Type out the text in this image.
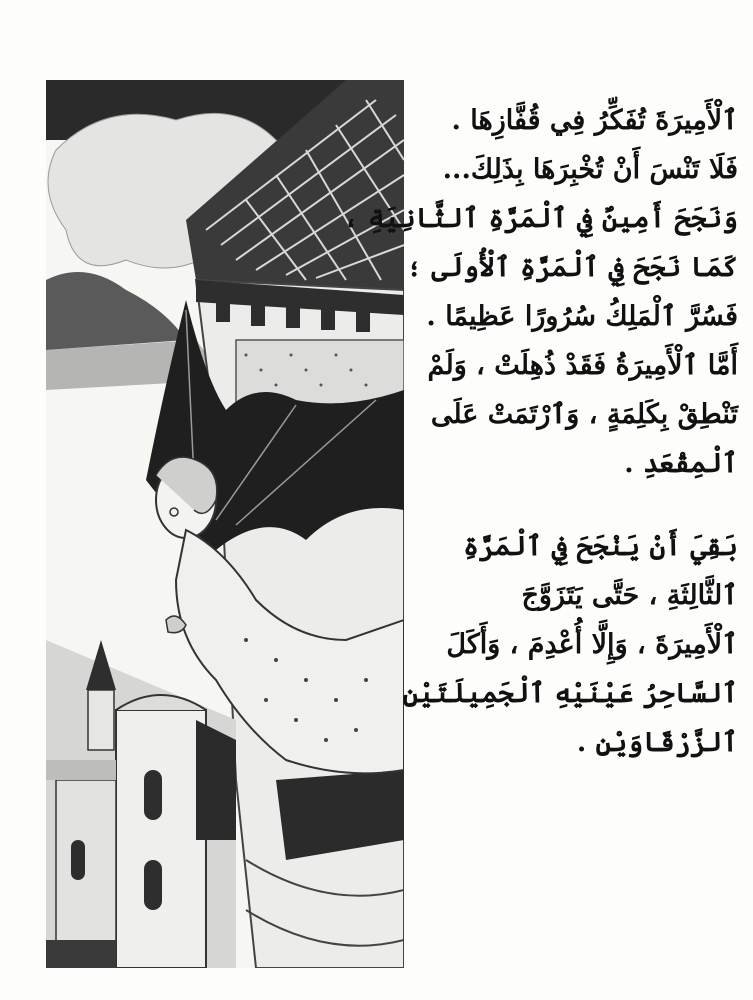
ٱلْأَمِيرَةَ تُفَكِّرُ فِي قُفَّازِهَا .
فَلَا تَنْسَ أَنْ تُخْبِرَهَا بِذَلِكَ...
وَنَجَحَ أَمِينٌ فِي ٱلْمَرَّةِ ٱلثَّانِيَةِ ،
كَمَا نَجَحَ فِي ٱلْمَرَّةِ ٱلْأُولَى ؛
فَسُرَّ ٱلْمَلِكُ سُرُورًا عَظِيمًا .
أَمَّا ٱلْأَمِيرَةُ فَقَدْ ذُهِلَتْ ، وَلَمْ
تَنْطِقْ بِكَلِمَةٍ ، وَٱرْتَمَتْ عَلَى
ٱلْمِقْعَدِ .
بَقِيَ أَنْ يَنْجَحَ فِي ٱلْمَرَّةِ
ٱلثَّالِثَةِ ، حَتَّى يَتَزَوَّجَ
ٱلْأَمِيرَةَ ، وَإِلَّا أُعْدِمَ ، وَأَكَلَ
ٱلسَّاحِرُ عَيْنَيْهِ ٱلْجَمِيلَتَيْنِ
ٱلزَّرْقَاوَيْنِ .
